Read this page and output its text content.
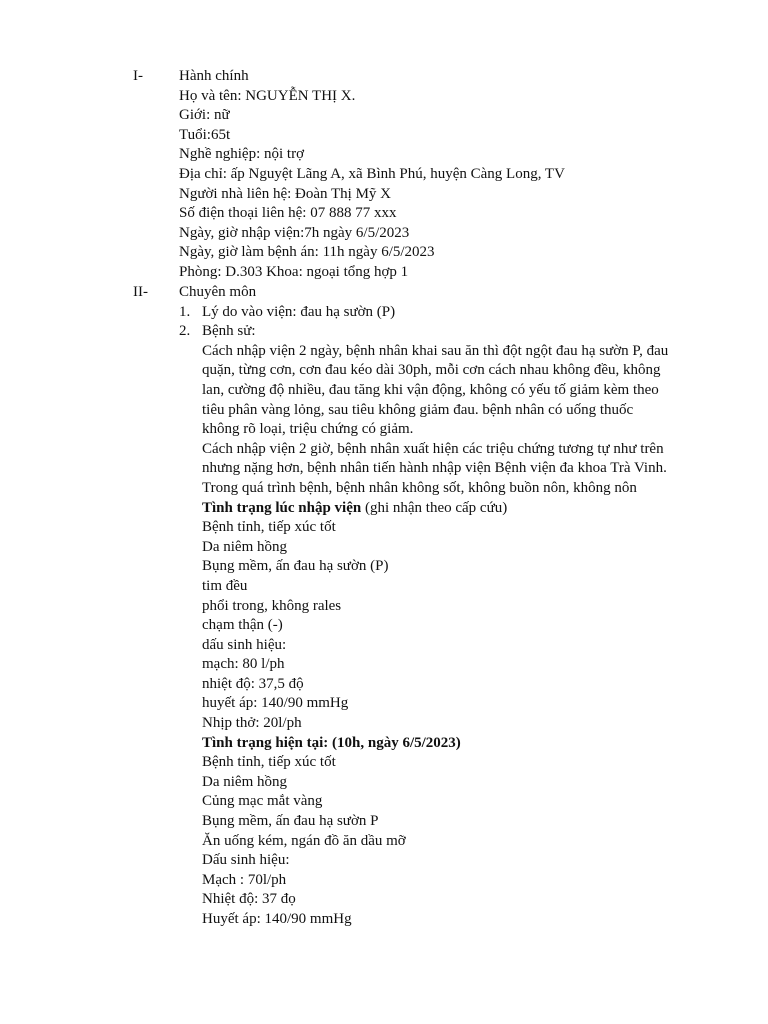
I- Hành chính
Họ và tên: NGUYỄN THỊ X.
Giới: nữ
Tuổi:65t
Nghề nghiệp: nội trợ
Địa chỉ: ấp Nguyệt Lãng A, xã Bình Phú, huyện Càng Long, TV
Người nhà liên hệ: Đoàn Thị Mỹ X
Số điện thoại liên hệ: 07 888 77 xxx
Ngày, giờ nhập viện:7h ngày 6/5/2023
Ngày, giờ làm bệnh án: 11h ngày 6/5/2023
Phòng: D.303 Khoa: ngoại tổng hợp 1
II- Chuyên môn
1. Lý do vào viện: đau hạ sườn (P)
2. Bệnh sử:
Cách nhập viện 2 ngày, bệnh nhân khai sau ăn thì đột ngột đau hạ sườn P, đau quặn, từng cơn, cơn đau kéo dài 30ph, mỗi cơn cách nhau không đều, không lan, cường độ nhiều, đau tăng khi vận động, không có yếu tố giảm kèm theo tiêu phân vàng lỏng, sau tiêu không giảm đau. bệnh nhân có uống thuốc không rõ loại, triệu chứng có giảm.
Cách nhập viện 2 giờ, bệnh nhân xuất hiện các triệu chứng tương tự như trên nhưng nặng hơn, bệnh nhân tiến hành nhập viện Bệnh viện đa khoa Trà Vinh.
Trong quá trình bệnh, bệnh nhân không sốt, không buồn nôn, không nôn
Tình trạng lúc nhập viện (ghi nhận theo cấp cứu)
Bệnh tỉnh, tiếp xúc tốt
Da niêm hồng
Bụng mềm, ấn đau hạ sườn (P)
tim đều
phổi trong, không rales
chạm thận (-)
dấu sinh hiệu:
mạch: 80 l/ph
nhiệt độ: 37,5 độ
huyết áp: 140/90 mmHg
Nhịp thở: 20l/ph
Tình trạng hiện tại: (10h, ngày 6/5/2023)
Bệnh tỉnh, tiếp xúc tốt
Da niêm hồng
Củng mạc mắt vàng
Bụng mềm, ấn đau hạ sườn P
Ăn uống kém, ngán đồ ăn dầu mỡ
Dấu sinh hiệu:
Mạch : 70l/ph
Nhiệt độ: 37 đọ
Huyết áp: 140/90 mmHg
